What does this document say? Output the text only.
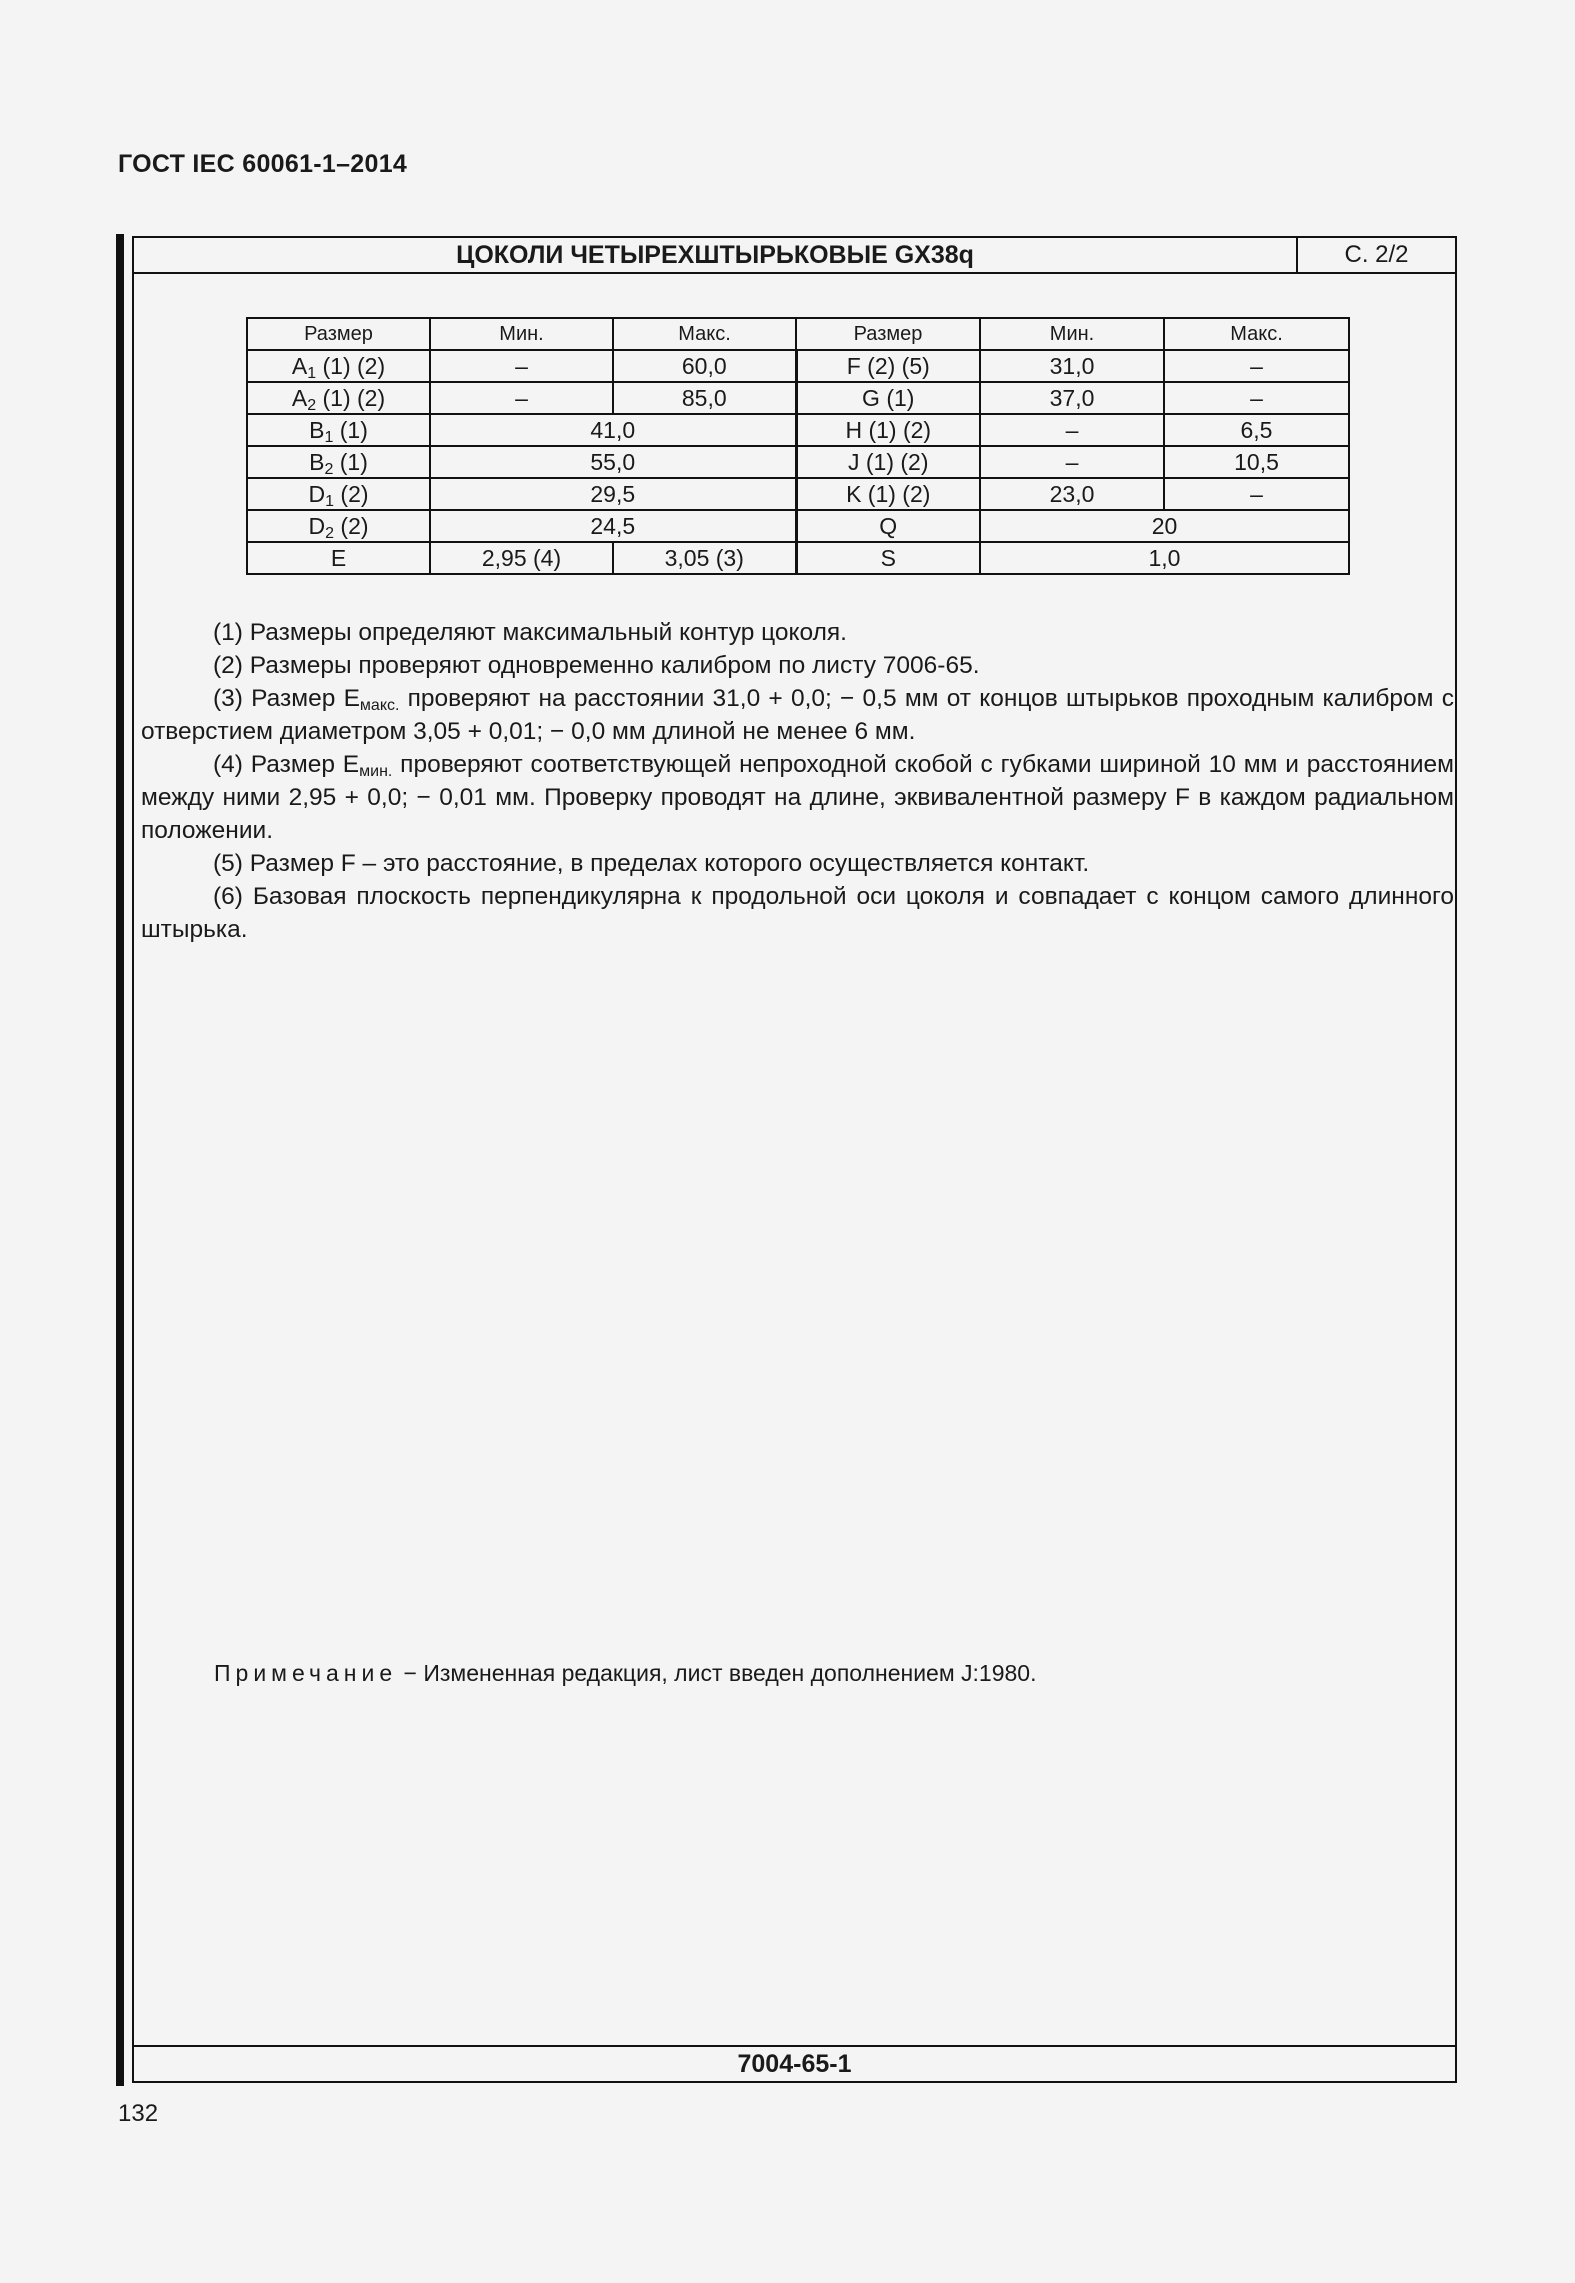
ГОСТ IEC 60061-1–2014
ЦОКОЛИ ЧЕТЫРЕХШТЫРЬКОВЫЕ GX38q	С. 2/2
Размер	Мин.	Макс.	Размер	Мин.	Макс.
$A_1$ (1) (2)	–	60,0	F (2) (5)	31,0	–
$A_2$ (1) (2)	–	85,0	G (1)	37,0	–
$B_1$ (1)	41,0		H (1) (2)	–	6,5
$B_2$ (1)	55,0		J (1) (2)	–	10,5
$D_1$ (2)	29,5		K (1) (2)	23,0	–
$D_2$ (2)	24,5		Q	20	
E	2,95 (4)	3,05 (3)	S	1,0	

(1) Размеры определяют максимальный контур цоколя.

(2) Размеры проверяют одновременно калибром по листу 7006-65.

(3) Размер $E_{макс.}$ проверяют на расстоянии 31,0 + 0,0; − 0,5 мм от концов штырьков проходным калибром с отверстием диаметром 3,05 + 0,01; − 0,0 мм длиной не менее 6 мм.

(4) Размер $E_{мин.}$ проверяют соответствующей непроходной скобой с губками шириной 10 мм и расстоянием между ними 2,95 + 0,0; − 0,01 мм. Проверку проводят на длине, эквивалентной размеру F в каждом радиальном положении.

(5) Размер F – это расстояние, в пределах которого осуществляется контакт.

(6) Базовая плоскость перпендикулярна к продольной оси цоколя и совпадает с концом самого длинного штырька.

Примечание − Измененная редакция, лист введен дополнением J:1980.
7004-65-1
132
